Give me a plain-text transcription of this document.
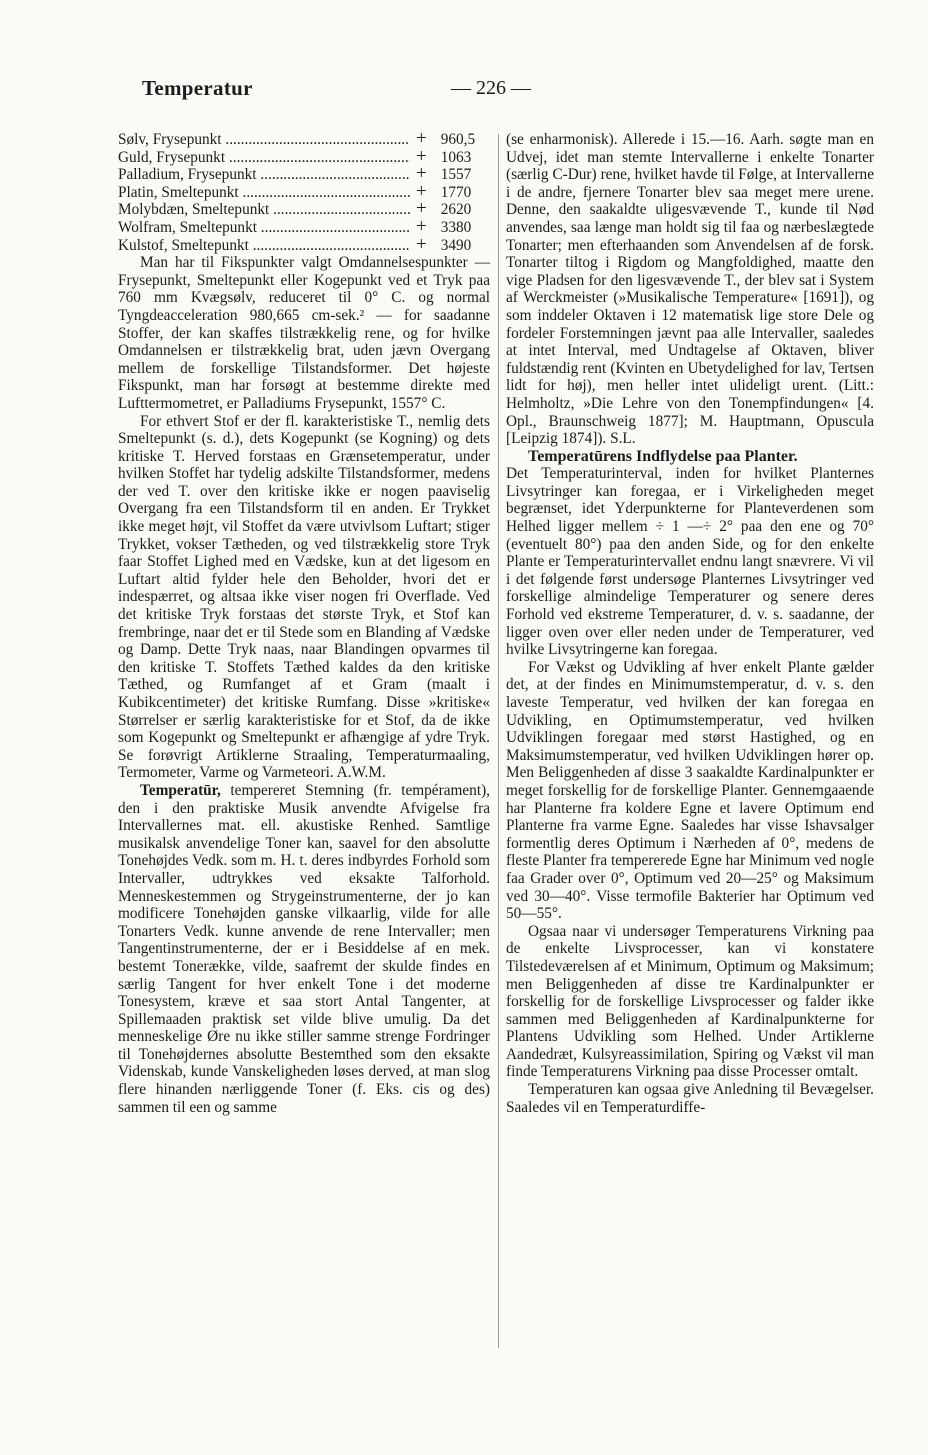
Temperatur	— 226 —
Sølv, Frysepunkt .....	+ 960,5
Guld, Frysepunkt .....	+ 1063
Palladium, Frysepunkt .....	+ 1557
Platin, Smeltepunkt .....	+ 1770
Molybdæn, Smeltepunkt .....	+ 2620
Wolfram, Smeltepunkt .....	+ 3380
Kulstof, Smeltepunkt .....	+ 3490

Man har til Fikspunkter valgt Omdannelsespunkter — Frysepunkt, Smeltepunkt eller Kogepunkt ved et Tryk paa 760 mm Kvægsølv, reduceret til 0° C. og normal Tyngdeacceleration 980,665 cm-sek.² — for saadanne Stoffer, der kan skaffes tilstrækkelig rene, og for hvilke Omdannelsen er tilstrækkelig brat, uden jævn Overgang mellem de forskellige Tilstandsformer. Det højeste Fikspunkt, man har forsøgt at bestemme direkte med Lufttermometret, er Palladiums Frysepunkt, 1557° C.

For ethvert Stof er der fl. karakteristiske T., nemlig dets Smeltepunkt (s. d.), dets Kogepunkt (se Kogning) og dets kritiske T. Herved forstaas en Grænsetemperatur, under hvilken Stoffet har tydelig adskilte Tilstandsformer, medens der ved T. over den kritiske ikke er nogen paaviselig Overgang fra een Tilstandsform til en anden. Er Trykket ikke meget højt, vil Stoffet da være utvivlsom Luftart; stiger Trykket, vokser Tætheden, og ved tilstrækkelig store Tryk faar Stoffet Lighed med en Vædske, kun at det ligesom en Luftart altid fylder hele den Beholder, hvori det er indespærret, og altsaa ikke viser nogen fri Overflade. Ved det kritiske Tryk forstaas det største Tryk, et Stof kan frembringe, naar det er til Stede som en Blanding af Vædske og Damp. Dette Tryk naas, naar Blandingen opvarmes til den kritiske T. Stoffets Tæthed kaldes da den kritiske Tæthed, og Rumfanget af et Gram (maalt i Kubikcentimeter) det kritiske Rumfang. Disse »kritiske« Størrelser er særlig karakteristiske for et Stof, da de ikke som Kogepunkt og Smeltepunkt er afhængige af ydre Tryk. Se forøvrigt Artiklerne Straaling, Temperaturmaaling, Termometer, Varme og Varmeteori. A.W.M.

Temperatūr, tempereret Stemning (fr. tempérament), den i den praktiske Musik anvendte Afvigelse fra Intervallernes mat. ell. akustiske Renhed. Samtlige musikalsk anvendelige Toner kan, saavel for den absolutte Tonehøjdes Vedk. som m. H. t. deres indbyrdes Forhold som Intervaller, udtrykkes ved eksakte Talforhold. Menneskestemmen og Strygeinstrumenterne, der jo kan modificere Tonehøjden ganske vilkaarlig, vilde for alle Tonarters Vedk. kunne anvende de rene Intervaller; men Tangentinstrumenterne, der er i Besiddelse af en mek. bestemt Tonerække, vilde, saafremt der skulde findes en særlig Tangent for hver enkelt Tone i det moderne Tonesystem, kræve et saa stort Antal Tangenter, at Spillemaaden praktisk set vilde blive umulig. Da det menneskelige Øre nu ikke stiller samme strenge Fordringer til Tonehøjdernes absolutte Bestemthed som den eksakte Videnskab, kunde Vanskeligheden løses derved, at man slog flere hinanden nærliggende Toner (f. Eks. cis og des) sammen til een og samme

(se enharmonisk). Allerede i 15.—16. Aarh. søgte man en Udvej, idet man stemte Intervallerne i enkelte Tonarter (særlig C-Dur) rene, hvilket havde til Følge, at Intervallerne i de andre, fjernere Tonarter blev saa meget mere urene. Denne, den saakaldte uligesvævende T., kunde til Nød anvendes, saa længe man holdt sig til faa og nærbeslægtede Tonarter; men efterhaanden som Anvendelsen af de forsk. Tonarter tiltog i Rigdom og Mangfoldighed, maatte den vige Pladsen for den ligesvævende T., der blev sat i System af Werckmeister (»Musikalische Temperature« [1691]), og som inddeler Oktaven i 12 matematisk lige store Dele og fordeler Forstemningen jævnt paa alle Intervaller, saaledes at intet Interval, med Undtagelse af Oktaven, bliver fuldstændig rent (Kvinten en Ubetydelighed for lav, Tertsen lidt for høj), men heller intet ulideligt urent. (Litt.: Helmholtz, »Die Lehre von den Tonempfindungen« [4. Opl., Braunschweig 1877]; M. Hauptmann, Opuscula [Leipzig 1874]). S.L.

Temperatūrens Indflydelse paa Planter.

Det Temperaturinterval, inden for hvilket Planternes Livsytringer kan foregaa, er i Virkeligheden meget begrænset, idet Yderpunkterne for Planteverdenen som Helhed ligger mellem ÷ 1 —÷ 2° paa den ene og 70° (eventuelt 80°) paa den anden Side, og for den enkelte Plante er Temperaturintervallet endnu langt snævrere. Vi vil i det følgende først undersøge Planternes Livsytringer ved forskellige almindelige Temperaturer og senere deres Forhold ved ekstreme Temperaturer, d. v. s. saadanne, der ligger oven over eller neden under de Temperaturer, ved hvilke Livsytringerne kan foregaa.

For Vækst og Udvikling af hver enkelt Plante gælder det, at der findes en Minimumstemperatur, d. v. s. den laveste Temperatur, ved hvilken der kan foregaa en Udvikling, en Optimumstemperatur, ved hvilken Udviklingen foregaar med størst Hastighed, og en Maksimumstemperatur, ved hvilken Udviklingen hører op. Men Beliggenheden af disse 3 saakaldte Kardinalpunkter er meget forskellig for de forskellige Planter. Gennemgaaende har Planterne fra koldere Egne et lavere Optimum end Planterne fra varme Egne. Saaledes har visse Ishavsalger formentlig deres Optimum i Nærheden af 0°, medens de fleste Planter fra tempererede Egne har Minimum ved nogle faa Grader over 0°, Optimum ved 20—25° og Maksimum ved 30—40°. Visse termofile Bakterier har Optimum ved 50—55°.

Ogsaa naar vi undersøger Temperaturens Virkning paa de enkelte Livsprocesser, kan vi konstatere Tilstedeværelsen af et Minimum, Optimum og Maksimum; men Beliggenheden af disse tre Kardinalpunkter er forskellig for de forskellige Livsprocesser og falder ikke sammen med Beliggenheden af Kardinalpunkterne for Plantens Udvikling som Helhed. Under Artiklerne Aandedræt, Kulsyreassimilation, Spiring og Vækst vil man finde Temperaturens Virkning paa disse Processer omtalt.

Temperaturen kan ogsaa give Anledning til Bevægelser. Saaledes vil en Temperaturdiffe-
